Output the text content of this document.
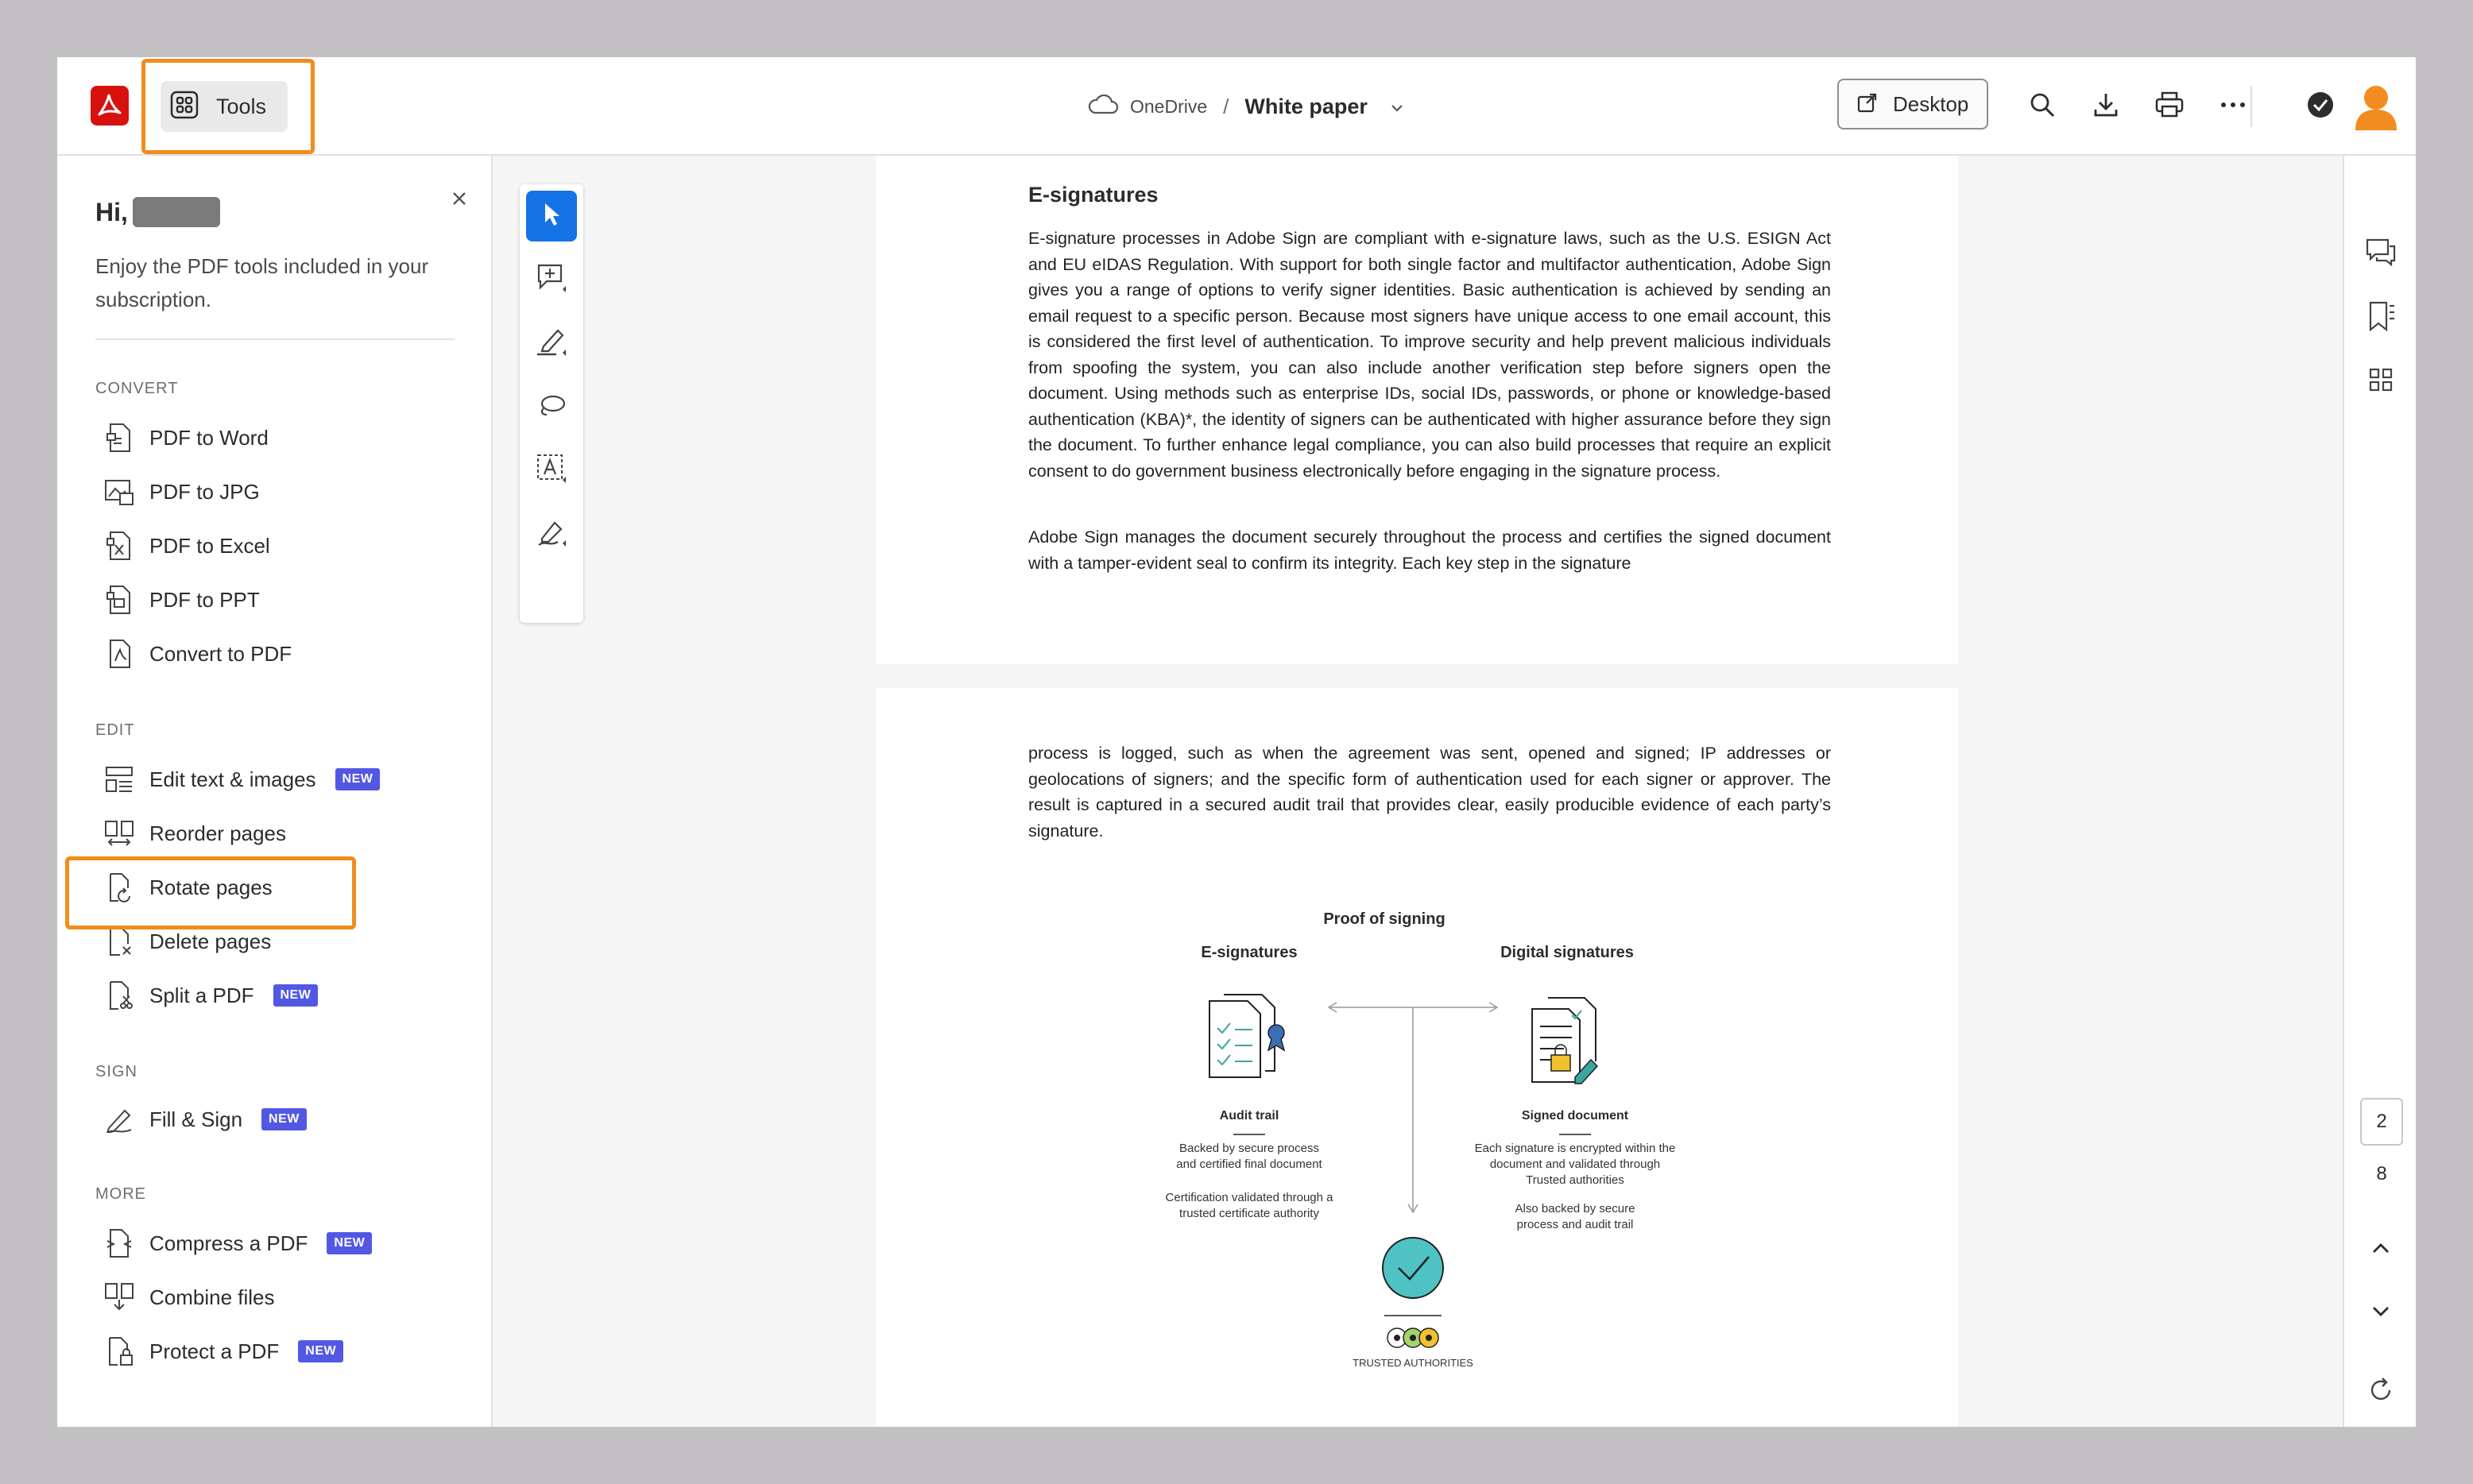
Tools	OneDrive / White paper	Desktop
Hi,
Enjoy the PDF tools included in your subscription.
CONVERT
PDF to Word
PDF to JPG
PDF to Excel
PDF to PPT
Convert to PDF
EDIT
Edit text & images	NEW
Reorder pages
Rotate pages
Delete pages
Split a PDF	NEW
SIGN
Fill & Sign	NEW
MORE
Compress a PDF	NEW
Combine files
Protect a PDF	NEW
E-signatures
E-signature processes in Adobe Sign are compliant with e-signature laws, such as the U.S. ESIGN Act and EU eIDAS Regulation. With support for both single factor and multifactor authentication, Adobe Sign gives you a range of options to verify signer identities. Basic authentication is achieved by sending an email request to a specific person. Because most signers have unique access to one email account, this is considered the first level of authentication. To improve security and help prevent malicious individuals from spoofing the system, you can also include another verification step before signers open the document. Using methods such as enterprise IDs, social IDs, passwords, or phone or knowledge-based authentication (KBA)*, the identity of signers can be authenticated with higher assurance before they sign the document. To further enhance legal compliance, you can also build processes that require an explicit consent to do government business electronically before engaging in the signature process.
Adobe Sign manages the document securely throughout the process and certifies the signed document with a tamper-evident seal to confirm its integrity. Each key step in the signature
process is logged, such as when the agreement was sent, opened and signed; IP addresses or geolocations of signers; and the specific form of authentication used for each signer or approver. The result is captured in a secured audit trail that provides clear, easily producible evidence of each party’s signature.
Proof of signing
E-signatures	Digital signatures
Audit trail
Backed by secure process and certified final document
Certification validated through a trusted certificate authority
Signed document
Each signature is encrypted within the document and validated through Trusted authorities
Also backed by secure process and audit trail
TRUSTED AUTHORITIES
2
8
